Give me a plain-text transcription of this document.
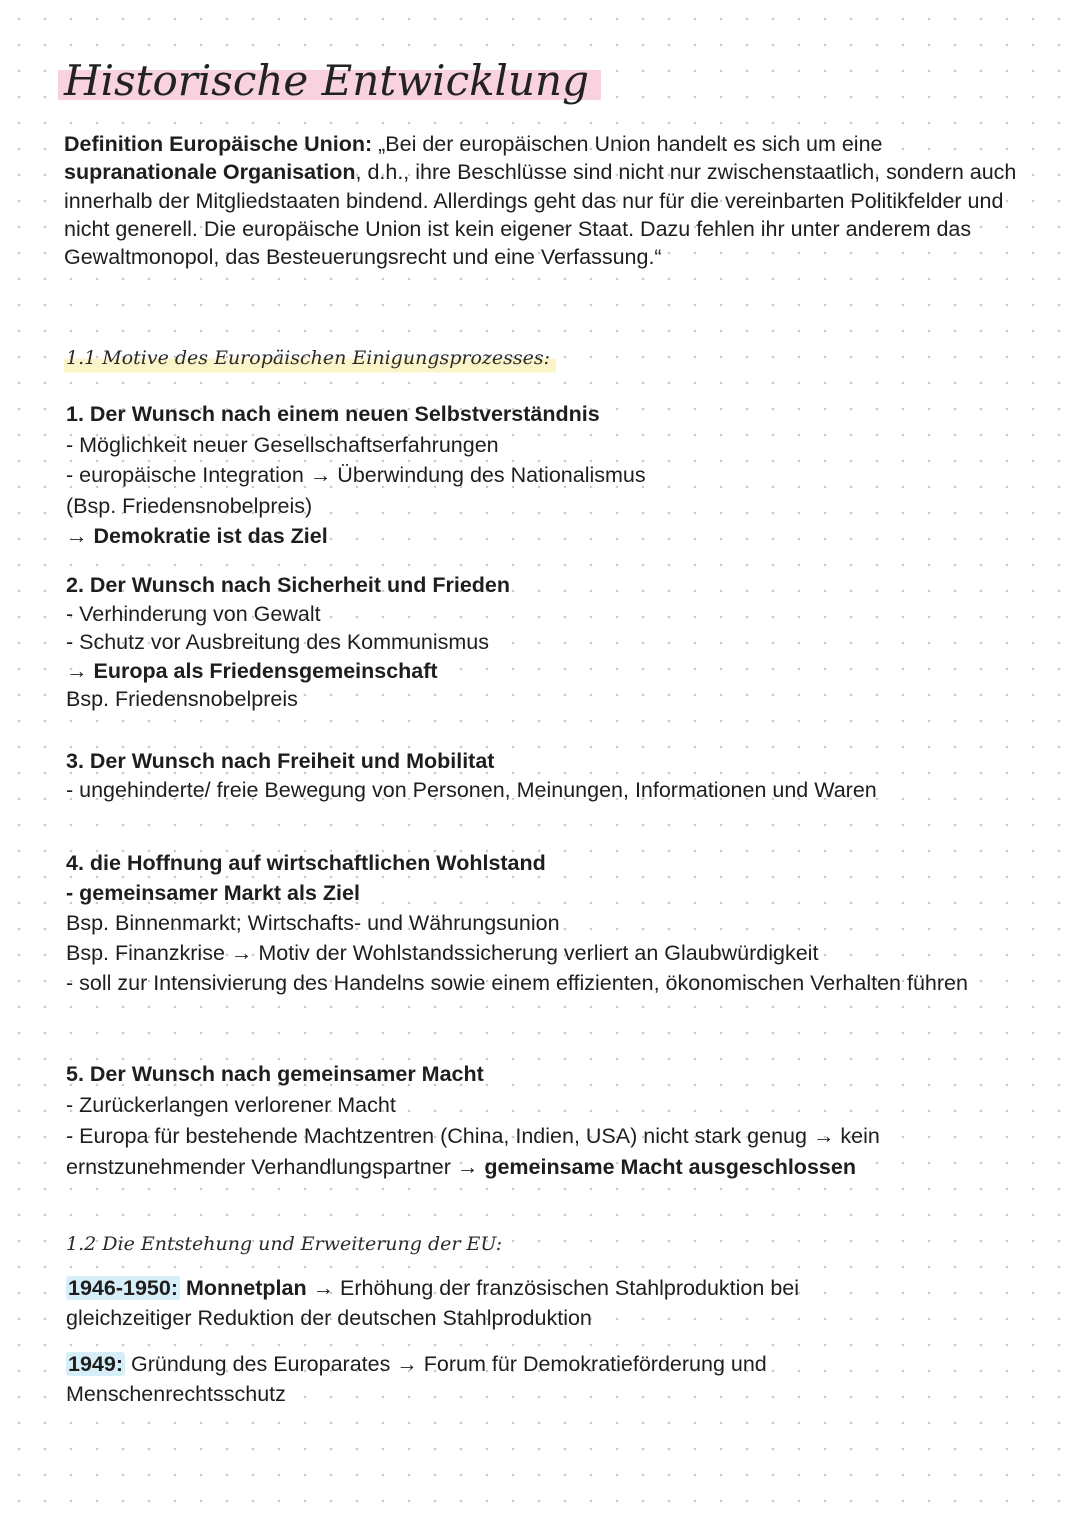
Historische Entwicklung

Definition Europäische Union: „Bei der europäischen Union handelt es sich um eine supranationale Organisation, d.h., ihre Beschlüsse sind nicht nur zwischenstaatlich, sondern auch innerhalb der Mitgliedstaaten bindend. Allerdings geht das nur für die vereinbarten Politikfelder und nicht generell. Die europäische Union ist kein eigener Staat. Dazu fehlen ihr unter anderem das Gewaltmonopol, das Besteuerungsrecht und eine Verfassung.“

1.1 Motive des Europäischen Einigungsprozesses:
1. Der Wunsch nach einem neuen Selbstverständnis
- Möglichkeit neuer Gesellschaftserfahrungen
- europäische Integration → Überwindung des Nationalismus
(Bsp. Friedensnobelpreis)
→ Demokratie ist das Ziel
2. Der Wunsch nach Sicherheit und Frieden
- Verhinderung von Gewalt
- Schutz vor Ausbreitung des Kommunismus
→ Europa als Friedensgemeinschaft
Bsp. Friedensnobelpreis
3. Der Wunsch nach Freiheit und Mobilitat
- ungehinderte/ freie Bewegung von Personen, Meinungen, Informationen und Waren
4. die Hoffnung auf wirtschaftlichen Wohlstand
- gemeinsamer Markt als Ziel
Bsp. Binnenmarkt; Wirtschafts- und Währungsunion
Bsp. Finanzkrise → Motiv der Wohlstandssicherung verliert an Glaubwürdigkeit
- soll zur Intensivierung des Handelns sowie einem effizienten, ökonomischen Verhalten führen
5. Der Wunsch nach gemeinsamer Macht
- Zurückerlangen verlorener Macht
- Europa für bestehende Machtzentren (China, Indien, USA) nicht stark genug → kein
ernstzunehmender Verhandlungspartner → gemeinsame Macht ausgeschlossen
1.2 Die Entstehung und Erweiterung der EU:
1946-1950: Monnetplan → Erhöhung der französischen Stahlproduktion bei
gleichzeitiger Reduktion der deutschen Stahlproduktion
1949: Gründung des Europarates → Forum für Demokratieförderung und
Menschenrechtsschutz
